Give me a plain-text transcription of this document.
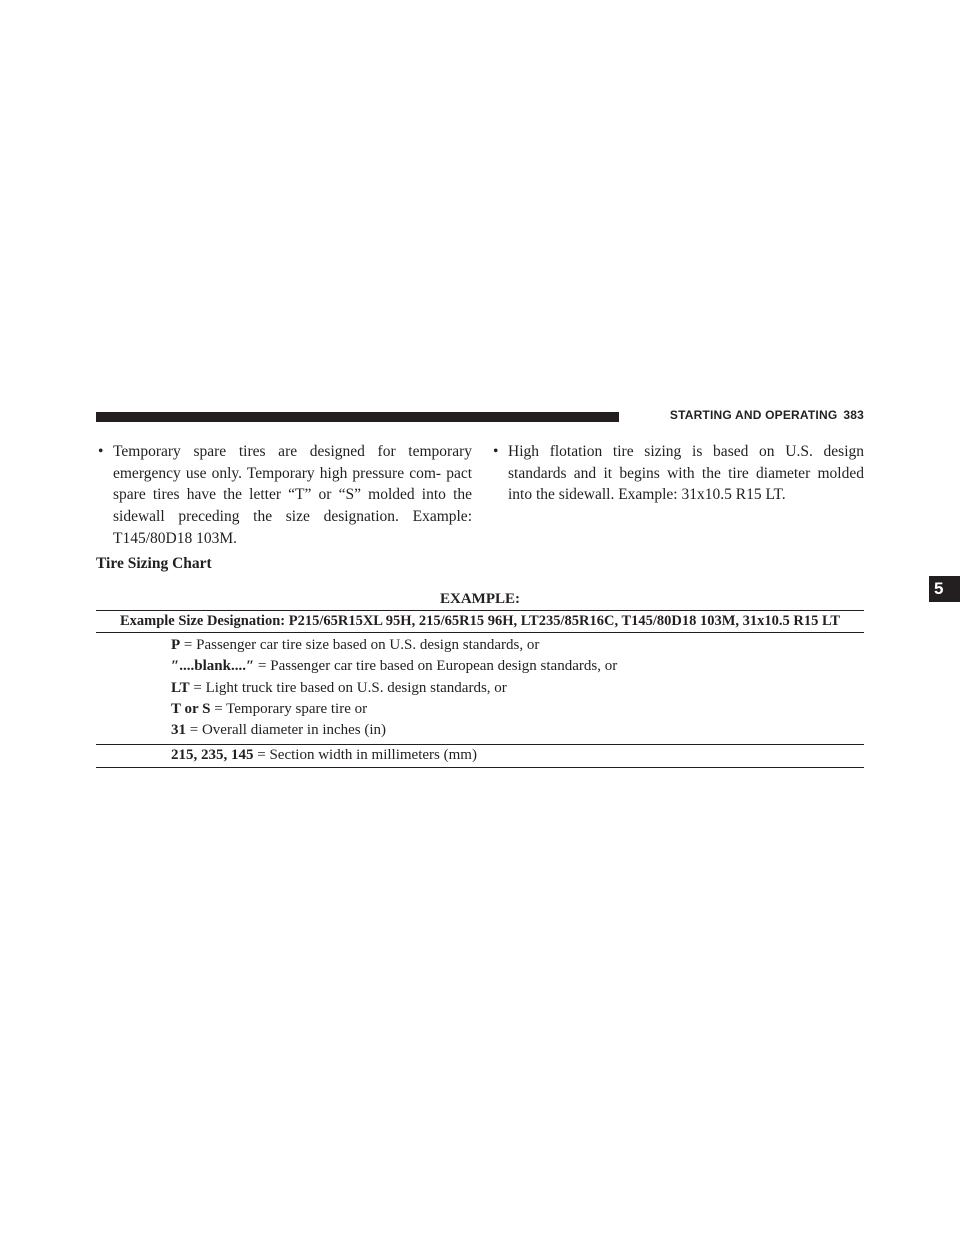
STARTING AND OPERATING 383
5
• Temporary spare tires are designed for temporary emergency use only. Temporary high pressure com- pact spare tires have the letter “T” or “S” molded into the sidewall preceding the size designation. Example: T145/80D18 103M.

• High flotation tire sizing is based on U.S. design standards and it begins with the tire diameter molded into the sidewall. Example: 31x10.5 R15 LT.

Tire Sizing Chart
EXAMPLE:
Example Size Designation: P215/65R15XL 95H, 215/65R15 96H, LT235/85R16C, T145/80D18 103M, 31x10.5 R15 LT
P = Passenger car tire size based on U.S. design standards, or
″....blank....″ = Passenger car tire based on European design standards, or
LT = Light truck tire based on U.S. design standards, or
T or S = Temporary spare tire or
31 = Overall diameter in inches (in)
215, 235, 145 = Section width in millimeters (mm)
